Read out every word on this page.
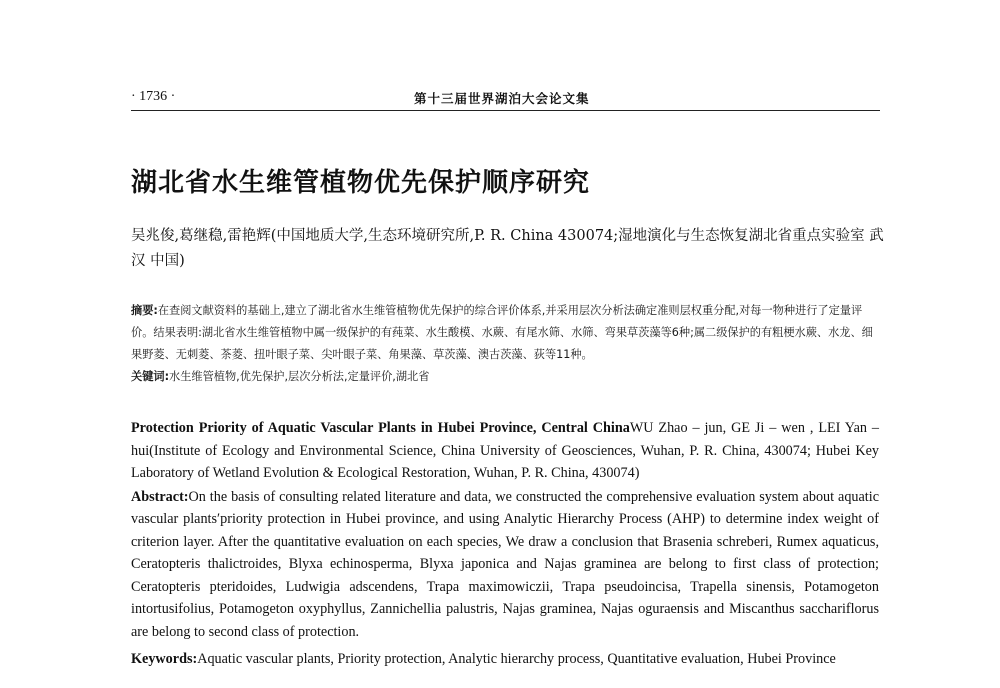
· 1736 ·	第十三届世界湖泊大会论文集
湖北省水生维管植物优先保护顺序研究
吴兆俊,葛继稳,雷艳辉(中国地质大学,生态环境研究所,P. R. China 430074;湿地演化与生态恢复湖北省重点实验室 武汉 中国)
摘要:在查阅文献资料的基础上,建立了湖北省水生维管植物优先保护的综合评价体系,并采用层次分析法确定准则层权重分配,对每一物种进行了定量评价。结果表明:湖北省水生维管植物中属一级保护的有莼菜、水生酸模、水蕨、有尾水筛、水筛、弯果草茨藻等6种;属二级保护的有粗梗水蕨、水龙、细果野菱、无刺菱、茶菱、扭叶眼子菜、尖叶眼子菜、角果藻、草茨藻、澳古茨藻、荻等11种。
关键词:水生维管植物,优先保护,层次分析法,定量评价,湖北省

Protection Priority of Aquatic Vascular Plants in Hubei Province, Central ChinaWU Zhao – jun, GE Ji – wen , LEI Yan – hui(Institute of Ecology and Environmental Science, China University of Geosciences, Wuhan, P. R. China, 430074; Hubei Key Laboratory of Wetland Evolution & Ecological Restoration, Wuhan, P. R. China, 430074)

Abstract:On the basis of consulting related literature and data, we constructed the comprehensive evaluation system about aquatic vascular plants′priority protection in Hubei province, and using Analytic Hierarchy Process (AHP) to determine index weight of criterion layer. After the quantitative evaluation on each species, We draw a conclusion that Brasenia schreberi, Rumex aquaticus, Ceratopteris thalictroides, Blyxa echinosperma, Blyxa japonica and Najas graminea are belong to first class of protection; Ceratopteris pteridoides, Ludwigia adscendens, Trapa maximowiczii, Trapa pseudoincisa, Trapella sinensis, Potamogeton intortusifolius, Potamogeton oxyphyllus, Zannichellia palustris, Najas graminea, Najas oguraensis and Miscanthus sacchariflorus are belong to second class of protection.

Keywords:Aquatic vascular plants, Priority protection, Analytic hierarchy process, Quantitative evaluation, Hubei Province
